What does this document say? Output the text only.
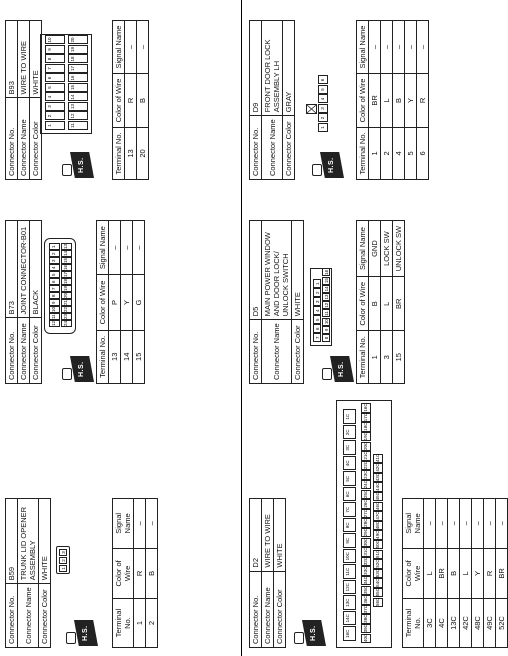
Connector No.	B59
Connector Name	TRUNK LID OPENER ASSEMBLY
Connector Color	WHITE
H.S.
1
2
3
Terminal No.	Color of Wire	Signal Name
1	R	–
2	B	–
Connector No.	B73
Connector Name	JOINT CONNECTOR-B01
Connector Color	BLACK
H.S.
12
11
10
9
8
7
6
5
4
3
2
1
24
23
22
21
20
19
18
17
16
15
14
13
Terminal No.	Color of Wire	Signal Name
13	P	–
14	Y	–
15	G	–
Connector No.	B93
Connector Name	WIRE TO WIRE
Connector Color	WHITE
H.S.
1
2
3
4
5
6
7
8
9
10
11
12
13
14
15
16
17
18
19
20
Terminal No.	Color of Wire	Signal Name
13	R	–
20	B	–
Connector No.	D2
Connector Name	WIRE TO WIRE
Connector Color	WHITE
H.S.	16C
14C
13C
12C
11C
10C
9C
8C
7C
6C
5C
4C
3C
2C
1C
40C
39C
38C
37C
36C
35C
34C
33C
32C
31C
30C
29C
28C
27C
26C
25C
24C
23C
22C
21C
20C
19C
18C
17C
16C
56C
55C
54C
53C
52C
51C
50C
49C
48C
47C
46C
45C
44C
43C
42C
41C
Terminal No.	Color of Wire	Signal Name
3C	L	–
4C	BR	–
13C	B	–
42C	L	–
48C	Y	–
49C	R	–
52C	BR	–
Connector No.	D5
Connector Name	MAIN POWER WINDOW AND DOOR LOCK/ UNLOCK SWITCH
Connector Color	WHITE
H.S.
7
6
5
4
3
2
1
8
9
10
11
12
13
14
15
16
Terminal No.	Color of Wire	Signal Name
1	B	GND
3	L	LOCK SW
15	BR	UNLOCK SW
Connector No.	D9
Connector Name	FRONT DOOR LOCK ASSEMBLY LH
Connector Color	GRAY
H.S.
1
2
3
4
5
6
Terminal No.	Color of Wire	Signal Name
1	BR	–
2	L	–
4	B	–
5	Y	–
6	R	–
